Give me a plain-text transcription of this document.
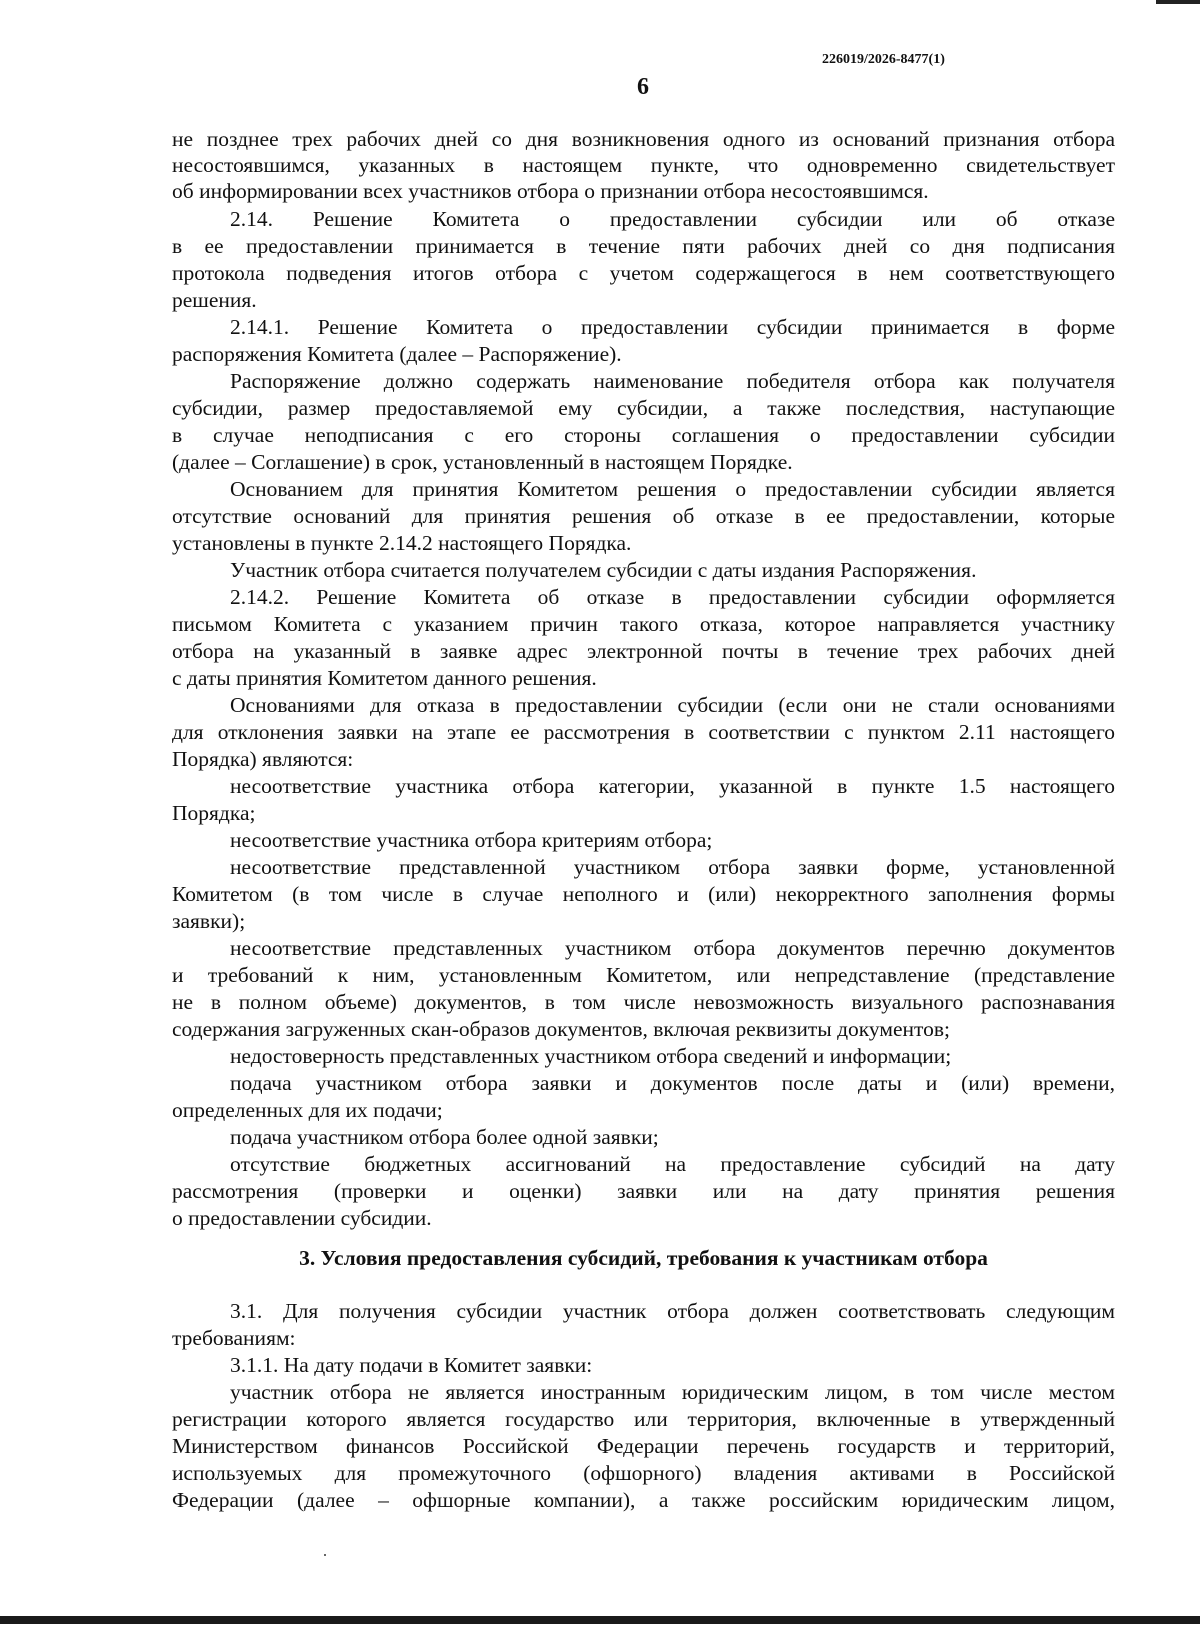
226019/2026-8477(1)
6
не позднее трех рабочих дней со дня возникновения одного из оснований признания отбора
несостоявшимся, указанных в настоящем пункте, что одновременно свидетельствует
об информировании всех участников отбора о признании отбора несостоявшимся.
2.14. Решение Комитета о предоставлении субсидии или об отказе
в ее предоставлении принимается в течение пяти рабочих дней со дня подписания
протокола подведения итогов отбора с учетом содержащегося в нем соответствующего
решения.
2.14.1. Решение Комитета о предоставлении субсидии принимается в форме
распоряжения Комитета (далее – Распоряжение).
Распоряжение должно содержать наименование победителя отбора как получателя
субсидии, размер предоставляемой ему субсидии, а также последствия, наступающие
в случае неподписания с его стороны соглашения о предоставлении субсидии
(далее – Соглашение) в срок, установленный в настоящем Порядке.
Основанием для принятия Комитетом решения о предоставлении субсидии является
отсутствие оснований для принятия решения об отказе в ее предоставлении, которые
установлены в пункте 2.14.2 настоящего Порядка.
Участник отбора считается получателем субсидии с даты издания Распоряжения.
2.14.2. Решение Комитета об отказе в предоставлении субсидии оформляется
письмом Комитета с указанием причин такого отказа, которое направляется участнику
отбора на указанный в заявке адрес электронной почты в течение трех рабочих дней
с даты принятия Комитетом данного решения.
Основаниями для отказа в предоставлении субсидии (если они не стали основаниями
для отклонения заявки на этапе ее рассмотрения в соответствии с пунктом 2.11 настоящего
Порядка) являются:
несоответствие участника отбора категории, указанной в пункте 1.5 настоящего
Порядка;
несоответствие участника отбора критериям отбора;
несоответствие представленной участником отбора заявки форме, установленной
Комитетом (в том числе в случае неполного и (или) некорректного заполнения формы
заявки);
несоответствие представленных участником отбора документов перечню документов
и требований к ним, установленным Комитетом, или непредставление (представление
не в полном объеме) документов, в том числе невозможность визуального распознавания
содержания загруженных скан-образов документов, включая реквизиты документов;
недостоверность представленных участником отбора сведений и информации;
подача участником отбора заявки и документов после даты и (или) времени,
определенных для их подачи;
подача участником отбора более одной заявки;
отсутствие бюджетных ассигнований на предоставление субсидий на дату
рассмотрения (проверки и оценки) заявки или на дату принятия решения
о предоставлении субсидии.
3. Условия предоставления субсидий, требования к участникам отбора
3.1. Для получения субсидии участник отбора должен соответствовать следующим
требованиям:
3.1.1. На дату подачи в Комитет заявки:
участник отбора не является иностранным юридическим лицом, в том числе местом
регистрации которого является государство или территория, включенные в утвержденный
Министерством финансов Российской Федерации перечень государств и территорий,
используемых для промежуточного (офшорного) владения активами в Российской
Федерации (далее – офшорные компании), а также российским юридическим лицом,
